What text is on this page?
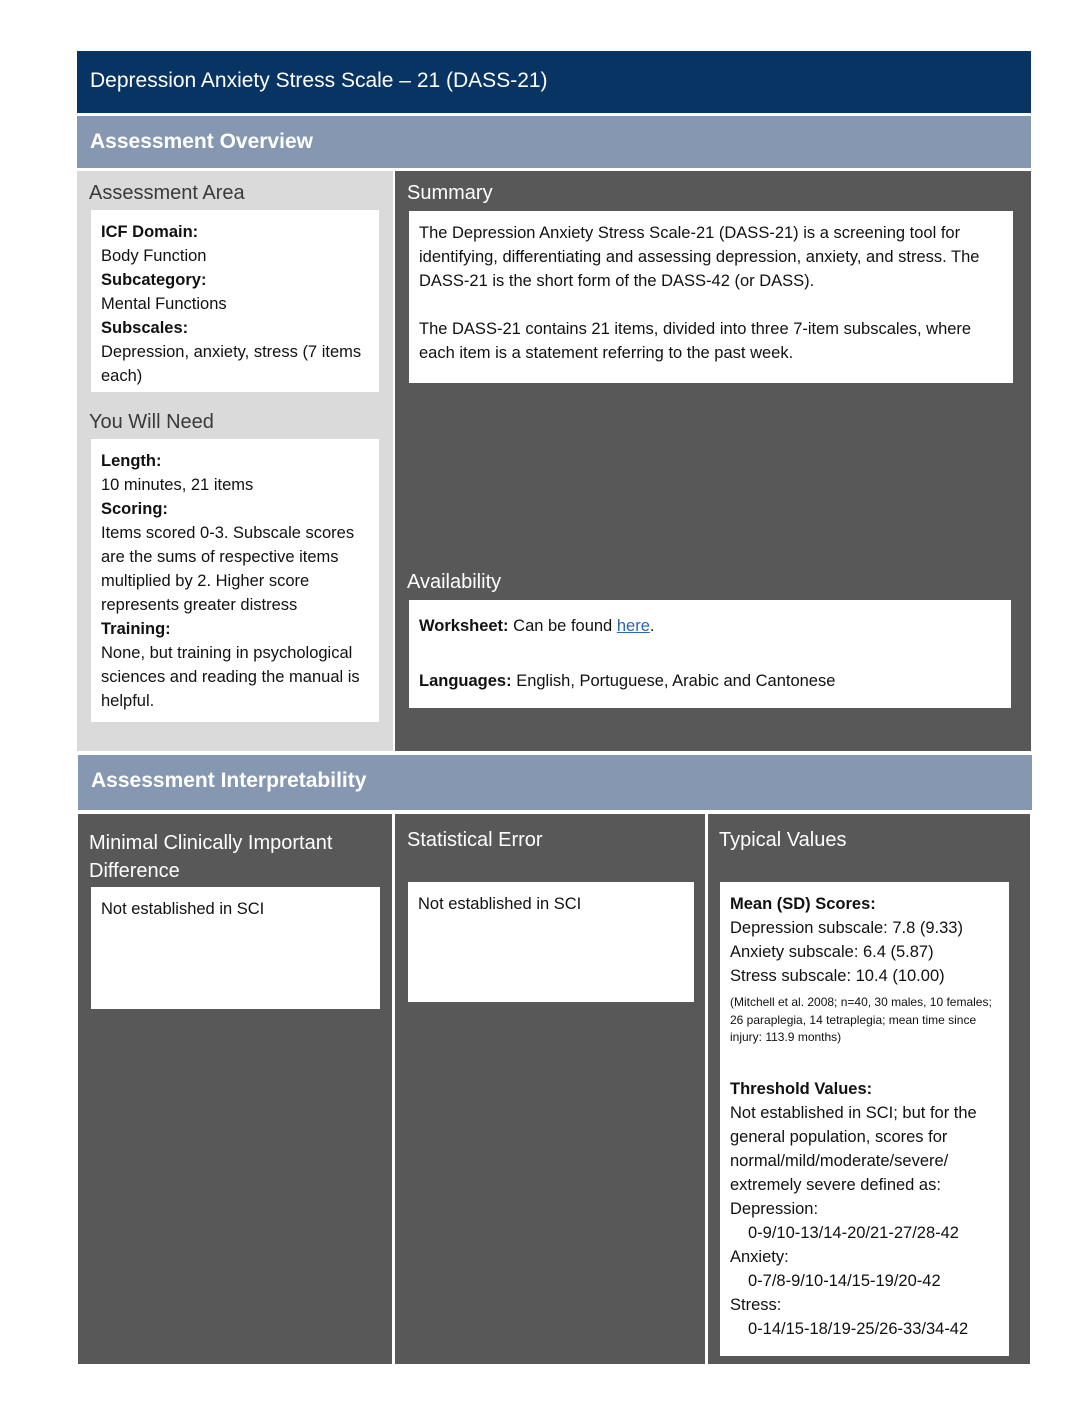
Depression Anxiety Stress Scale – 21 (DASS-21)
Assessment Overview
Assessment Area
ICF Domain:
Body Function
Subcategory:
Mental Functions
Subscales:
Depression, anxiety, stress (7 items each)
You Will Need
Length:
10 minutes, 21 items
Scoring:
Items scored 0-3. Subscale scores are the sums of respective items multiplied by 2. Higher score represents greater distress
Training:
None, but training in psychological sciences and reading the manual is helpful.
Summary
The Depression Anxiety Stress Scale-21 (DASS-21) is a screening tool for identifying, differentiating and assessing depression, anxiety, and stress. The DASS-21 is the short form of the DASS-42 (or DASS).
The DASS-21 contains 21 items, divided into three 7-item subscales, where each item is a statement referring to the past week.
Availability
Worksheet: Can be found here.
Languages: English, Portuguese, Arabic and Cantonese
Assessment Interpretability
Minimal Clinically Important Difference
Not established in SCI
Statistical Error
Not established in SCI
Typical Values
Mean (SD) Scores:
Depression subscale: 7.8 (9.33)
Anxiety subscale: 6.4 (5.87)
Stress subscale: 10.4 (10.00)
(Mitchell et al. 2008; n=40, 30 males, 10 females; 26 paraplegia, 14 tetraplegia; mean time since injury: 113.9 months)
Threshold Values:
Not established in SCI; but for the general population, scores for normal/mild/moderate/severe/ extremely severe defined as:
Depression:
0-9/10-13/14-20/21-27/28-42
Anxiety:
0-7/8-9/10-14/15-19/20-42
Stress:
0-14/15-18/19-25/26-33/34-42
